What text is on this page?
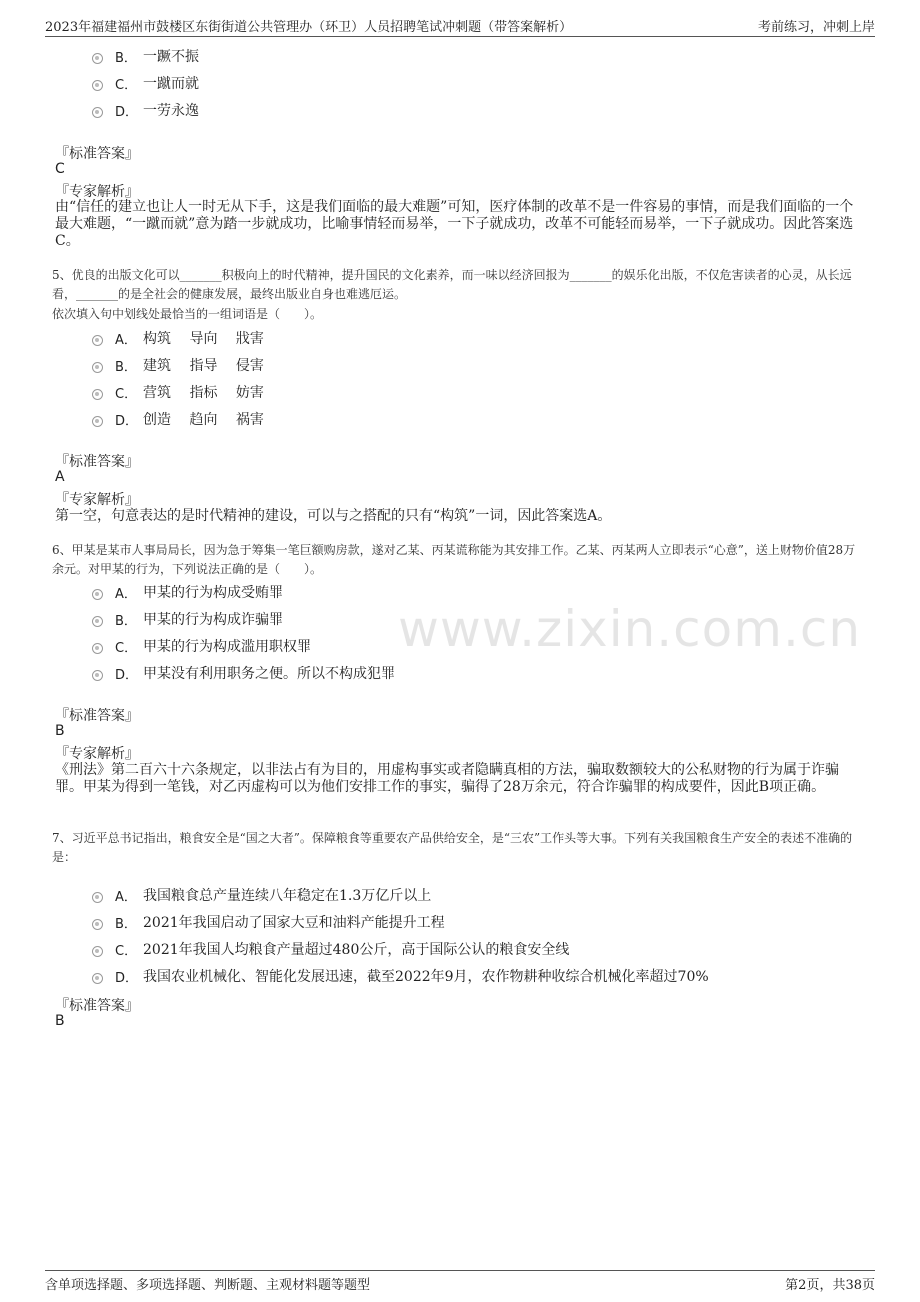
2023年福建福州市鼓楼区东街街道公共管理办（环卫）人员招聘笔试冲刺题（带答案解析）	考前练习，冲刺上岸
www.zixin.com.cn
B． 一蹶不振
C． 一蹴而就
D． 一劳永逸
『标准答案』
C
『专家解析』
由“信任的建立也让人一时无从下手，这是我们面临的最大难题”可知，医疗体制的改革不是一件容易的事情，而是我们面临的一个最大难题，“一蹴而就”意为踏一步就成功，比喻事情轻而易举，一下子就成功，改革不可能轻而易举，一下子就成功。因此答案选C。
5、优良的出版文化可以_______积极向上的时代精神，提升国民的文化素养，而一味以经济回报为_______的娱乐化出版，不仅危害读者的心灵，从长远看，_______的是全社会的健康发展，最终出版业自身也难逃厄运。
依次填入句中划线处最恰当的一组词语是（　　）。
A． 构筑　 导向　 戕害
B． 建筑　 指导　 侵害
C． 营筑　 指标　 妨害
D． 创造　 趋向　 祸害
『标准答案』
A
『专家解析』
第一空，句意表达的是时代精神的建设，可以与之搭配的只有“构筑”一词，因此答案选A。
6、甲某是某市人事局局长，因为急于筹集一笔巨额购房款，遂对乙某、丙某谎称能为其安排工作。乙某、丙某两人立即表示“心意”，送上财物价值28万余元。对甲某的行为，下列说法正确的是（　　）。
A． 甲某的行为构成受贿罪
B． 甲某的行为构成诈骗罪
C． 甲某的行为构成滥用职权罪
D． 甲某没有利用职务之便。所以不构成犯罪
『标准答案』
B
『专家解析』
《刑法》第二百六十六条规定，以非法占有为目的，用虚构事实或者隐瞒真相的方法，骗取数额较大的公私财物的行为属于诈骗罪。甲某为得到一笔钱，对乙丙虚构可以为他们安排工作的事实，骗得了28万余元，符合诈骗罪的构成要件，因此B项正确。
7、习近平总书记指出，粮食安全是“国之大者”。保障粮食等重要农产品供给安全，是“三农”工作头等大事。下列有关我国粮食生产安全的表述不准确的是：
A． 我国粮食总产量连续八年稳定在1.3万亿斤以上
B． 2021年我国启动了国家大豆和油料产能提升工程
C． 2021年我国人均粮食产量超过480公斤，高于国际公认的粮食安全线
D． 我国农业机械化、智能化发展迅速，截至2022年9月，农作物耕种收综合机械化率超过70%
『标准答案』
B
含单项选择题、多项选择题、判断题、主观材料题等题型	第2页，共38页
